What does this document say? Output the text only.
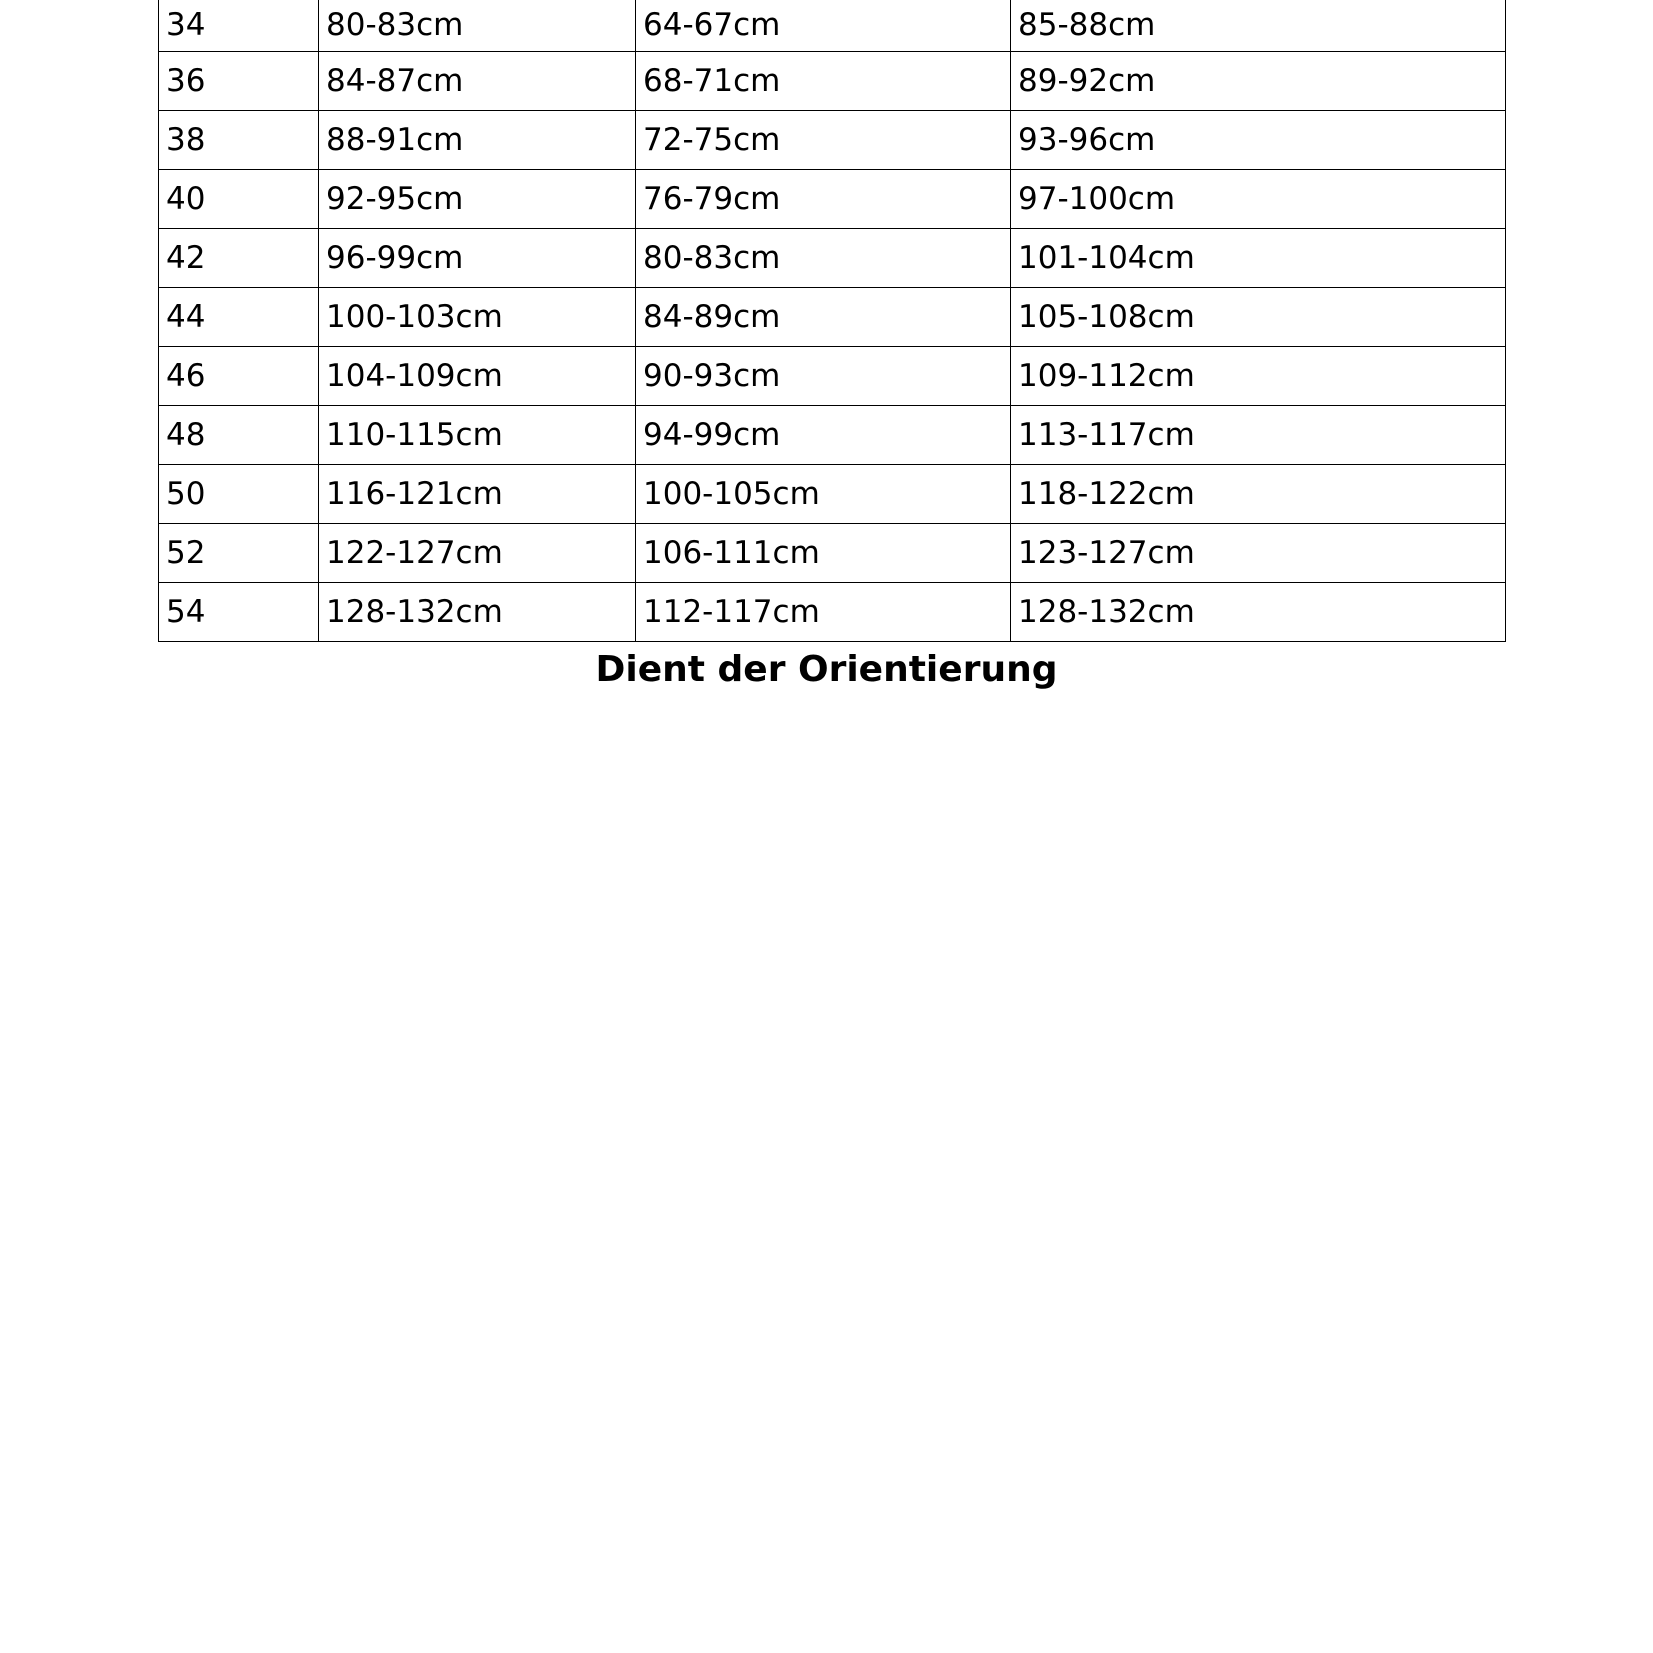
34	80-83cm	64-67cm	85-88cm
36	84-87cm	68-71cm	89-92cm
38	88-91cm	72-75cm	93-96cm
40	92-95cm	76-79cm	97-100cm
42	96-99cm	80-83cm	101-104cm
44	100-103cm	84-89cm	105-108cm
46	104-109cm	90-93cm	109-112cm
48	110-115cm	94-99cm	113-117cm
50	116-121cm	100-105cm	118-122cm
52	122-127cm	106-111cm	123-127cm
54	128-132cm	112-117cm	128-132cm
Dient der Orientierung
